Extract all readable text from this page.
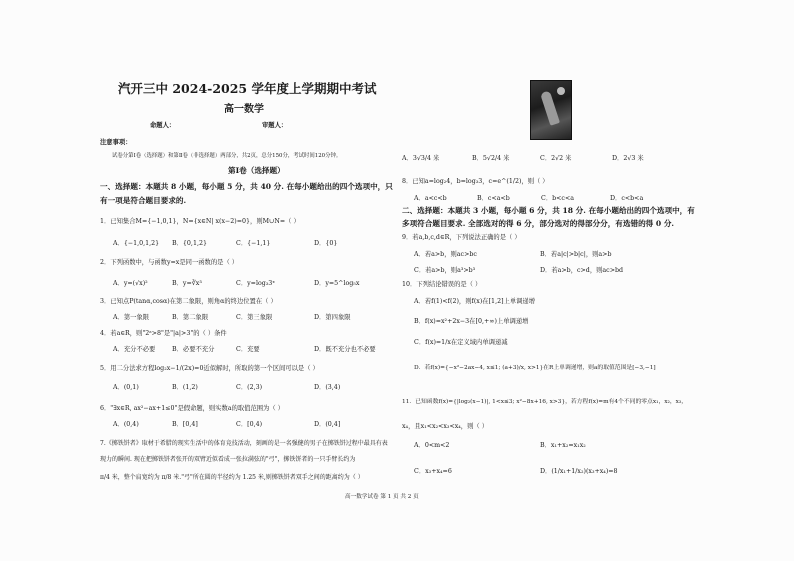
汽开三中 2024-2025 学年度上学期期中考试
高一数学
命题人：	审题人：
注意事项：
试卷分第Ⅰ卷（选择题）和第Ⅱ卷（非选择题）两部分，共2页，总分150分，考试时间120分钟。
第Ⅰ卷（选择题）
一、选择题：本题共 8 小题，每小题 5 分，共 40 分. 在每小题给出的四个选项中，只
有一项是符合题目要求的.
1．已知集合M={−1,0,1}，N={x∈N| x(x−2)=0}，则M∪N=（ ）
A．{−1,0,1,2} B．{0,1,2}	C．{−1,1}	D．{0}
2．下列函数中，与函数y=x是同一函数的是（ ）
A．y=(√x)²	B．y=∛x³	C．y=log₃3ˣ	D．y=5^log₅x
3．已知点P(tanα,cosα)在第二象限，则角α的终边位置在（ ）
A．第一象限	B．第二象限	C．第三象限	D．第四象限
4．若a∈R，则"2ᵃ>8"是"|a|>3"的（ ）条件
A．充分不必要	B．必要不充分	C．充要	D．既不充分也不必要
5．用二分法求方程log₂x−1/(2x)=0近似解时，所取的第一个区间可以是（ ）
A．(0,1)	B．(1,2)	C．(2,3)	D．(3,4)
6．"∃x∈R, ax²−ax+1≤0"是假命题，则实数a的取值范围为（ ）
A．(0,4)	B．[0,4]	C．[0,4)	D．(0,4]
7.《掷铁饼者》取材于希腊的现实生活中的体育竞技活动，刻画的是一名强健的男子在掷铁饼过程中最具有表
现力的瞬间. 现在把掷铁饼者张开的双臂近似看成一张拉满弦的"弓"，掷铁饼者的一只手臂长约为
π/4 米，整个肩宽约为 π/8 米."弓"所在圆的半径约为 1.25 米,则掷铁饼者双手之间的距离约为（ ）
A．3√3/4 米	B．5√2/4 米	C．2√2 米	D．2√3 米
8．已知a=log₂4，b=log₃3，c=e^(1/2)，则（ ）
A．a<c<b	B．c<a<b	C．b<c<a	D．c<b<a
二、选择题：本题共 3 小题，每小题 6 分，共 18 分. 在每小题给出的四个选项中，有
多项符合题目要求. 全部选对的得 6 分，部分选对的得部分分，有选错的得 0 分.
9．若a,b,c,d∈R，下列说法正确的是（ ）
A．若a>b，则ac>bc	B．若a|c|>b|c|，则a>b
C．若a>b，则a³>b³	D．若a>b，c>d，则ac>bd
10．下列结论错误的是（ ）
A．若f(1)<f(2)，则f(x)在[1,2]上单调递增
B．f(x)=x²+2x−3在[0,+∞)上单调递增
C．f(x)=1/x在定义域内单调递减
D．若f(x)={−x²−2ax−4, x≤1; (a+3)/x, x>1}在R上单调递增，则a的取值范围是[−3,−1]
11．已知函数f(x)={|log₂(x−1)|, 1<x≤3; x²−8x+16, x>3}，若方程f(x)=m有4个不同的零点x₁，x₂，x₃，
x₄，且x₁<x₂<x₃<x₄，则（ ）
A．0<m<2	B．x₁+x₂=x₁x₂
C．x₃+x₄=6	D．(1/x₁+1/x₂)(x₃+x₄)=8
高一数学试卷 第 1 页 共 2 页
